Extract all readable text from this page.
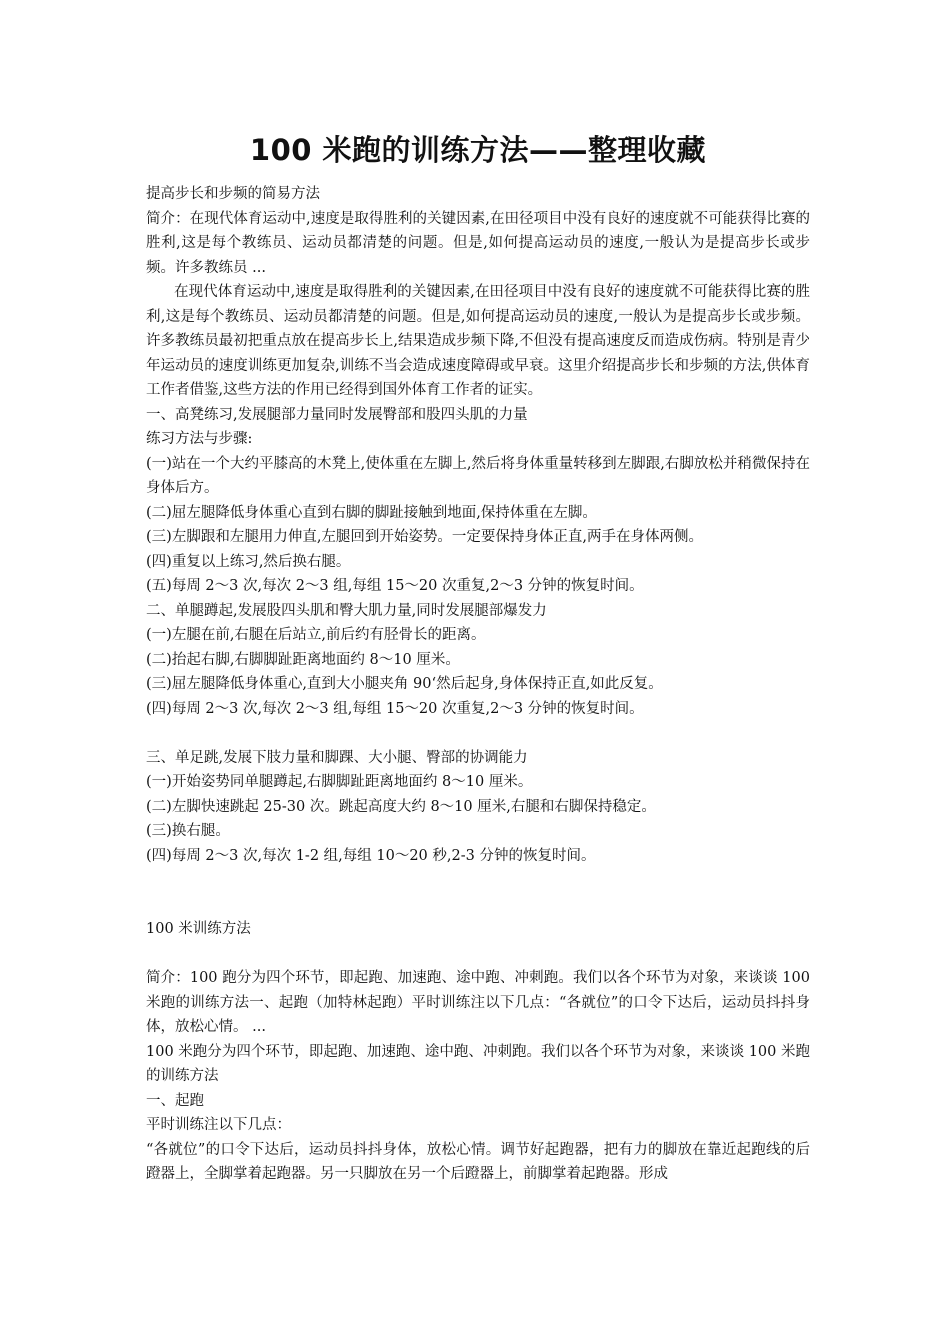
100 米跑的训练方法——整理收藏

提高步长和步频的简易方法

简介：在现代体育运动中,速度是取得胜利的关键因素,在田径项目中没有良好的速度就不可能获得比赛的胜利,这是每个教练员、运动员都清楚的问题。但是,如何提高运动员的速度,一般认为是提高步长或步频。许多教练员 ...

在现代体育运动中,速度是取得胜利的关键因素,在田径项目中没有良好的速度就不可能获得比赛的胜利,这是每个教练员、运动员都清楚的问题。但是,如何提高运动员的速度,一般认为是提高步长或步频。许多教练员最初把重点放在提高步长上,结果造成步频下降,不但没有提高速度反而造成伤病。特别是青少年运动员的速度训练更加复杂,训练不当会造成速度障碍或早衰。这里介绍提高步长和步频的方法,供体育工作者借鉴,这些方法的作用已经得到国外体育工作者的证实。

一、高凳练习,发展腿部力量同时发展臀部和股四头肌的力量

练习方法与步骤:

(一)站在一个大约平膝高的木凳上,使体重在左脚上,然后将身体重量转移到左脚跟,右脚放松并稍微保持在身体后方。

(二)屈左腿降低身体重心直到右脚的脚趾接触到地面,保持体重在左脚。

(三)左脚跟和左腿用力伸直,左腿回到开始姿势。一定要保持身体正直,两手在身体两侧。

(四)重复以上练习,然后换右腿。

(五)每周 2～3 次,每次 2～3 组,每组 15～20 次重复,2～3 分钟的恢复时间。

二、单腿蹲起,发展股四头肌和臀大肌力量,同时发展腿部爆发力

(一)左腿在前,右腿在后站立,前后约有胫骨长的距离。

(二)抬起右脚,右脚脚趾距离地面约 8～10 厘米。

(三)屈左腿降低身体重心,直到大小腿夹角 90‘然后起身,身体保持正直,如此反复。

(四)每周 2～3 次,每次 2～3 组,每组 15～20 次重复,2～3 分钟的恢复时间。

三、单足跳,发展下肢力量和脚踝、大小腿、臀部的协调能力

(一)开始姿势同单腿蹲起,右脚脚趾距离地面约 8～10 厘米。

(二)左脚快速跳起 25-30 次。跳起高度大约 8～10 厘米,右腿和右脚保持稳定。

(三)换右腿。

(四)每周 2～3 次,每次 1-2 组,每组 10～20 秒,2-3 分钟的恢复时间。

100 米训练方法

简介：100 跑分为四个环节，即起跑、加速跑、途中跑、冲刺跑。我们以各个环节为对象，来谈谈 100 米跑的训练方法一、起跑（加特林起跑）平时训练注以下几点：“各就位”的口令下达后，运动员抖抖身体，放松心情。 ...

100 米跑分为四个环节，即起跑、加速跑、途中跑、冲刺跑。我们以各个环节为对象，来谈谈 100 米跑的训练方法

一、起跑

平时训练注以下几点：

“各就位”的口令下达后，运动员抖抖身体，放松心情。调节好起跑器，把有力的脚放在靠近起跑线的后蹬器上，全脚掌着起跑器。另一只脚放在另一个后蹬器上，前脚掌着起跑器。形成
